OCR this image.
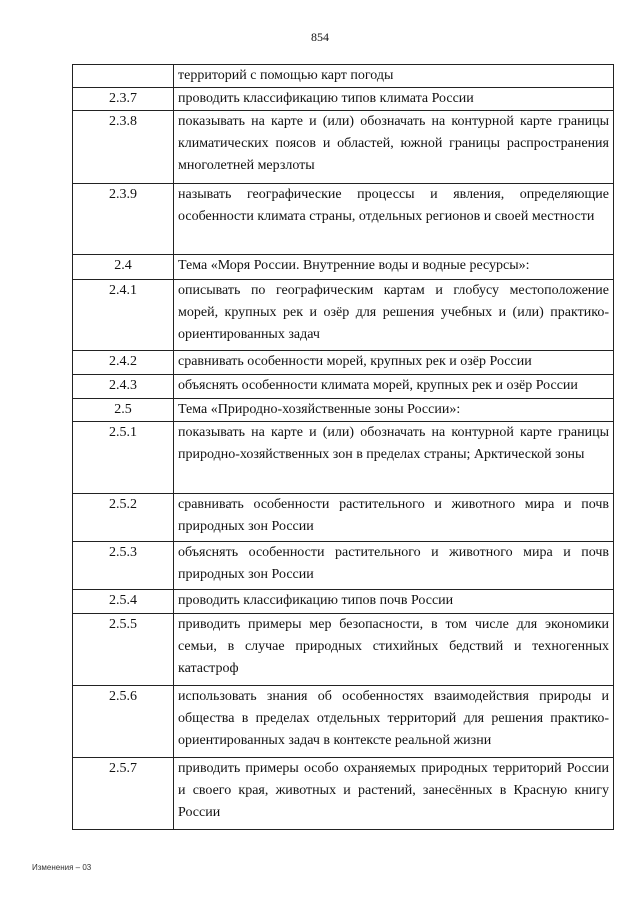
854
	территорий с помощью карт погоды
2.3.7	проводить классификацию типов климата России
2.3.8	показывать на карте и (или) обозначать на контурной карте границы климатических поясов и областей, южной границы распространения многолетней мерзлоты
2.3.9	называть географические процессы и явления, определяющие особенности климата страны, отдельных регионов и своей местности
2.4	Тема «Моря России. Внутренние воды и водные ресурсы»:
2.4.1	описывать по географическим картам и глобусу местоположение морей, крупных рек и озёр для решения учебных и (или) практико-ориентированных задач
2.4.2	сравнивать особенности морей, крупных рек и озёр России
2.4.3	объяснять особенности климата морей, крупных рек и озёр России
2.5	Тема «Природно-хозяйственные зоны России»:
2.5.1	показывать на карте и (или) обозначать на контурной карте границы природно-хозяйственных зон в пределах страны; Арктической зоны
2.5.2	сравнивать особенности растительного и животного мира и почв природных зон России
2.5.3	объяснять особенности растительного и животного мира и почв природных зон России
2.5.4	проводить классификацию типов почв России
2.5.5	приводить примеры мер безопасности, в том числе для экономики семьи, в случае природных стихийных бедствий и техногенных катастроф
2.5.6	использовать знания об особенностях взаимодействия природы и общества в пределах отдельных территорий для решения практико-ориентированных задач в контексте реальной жизни
2.5.7	приводить примеры особо охраняемых природных территорий России и своего края, животных и растений, занесённых в Красную книгу России
Изменения – 03
